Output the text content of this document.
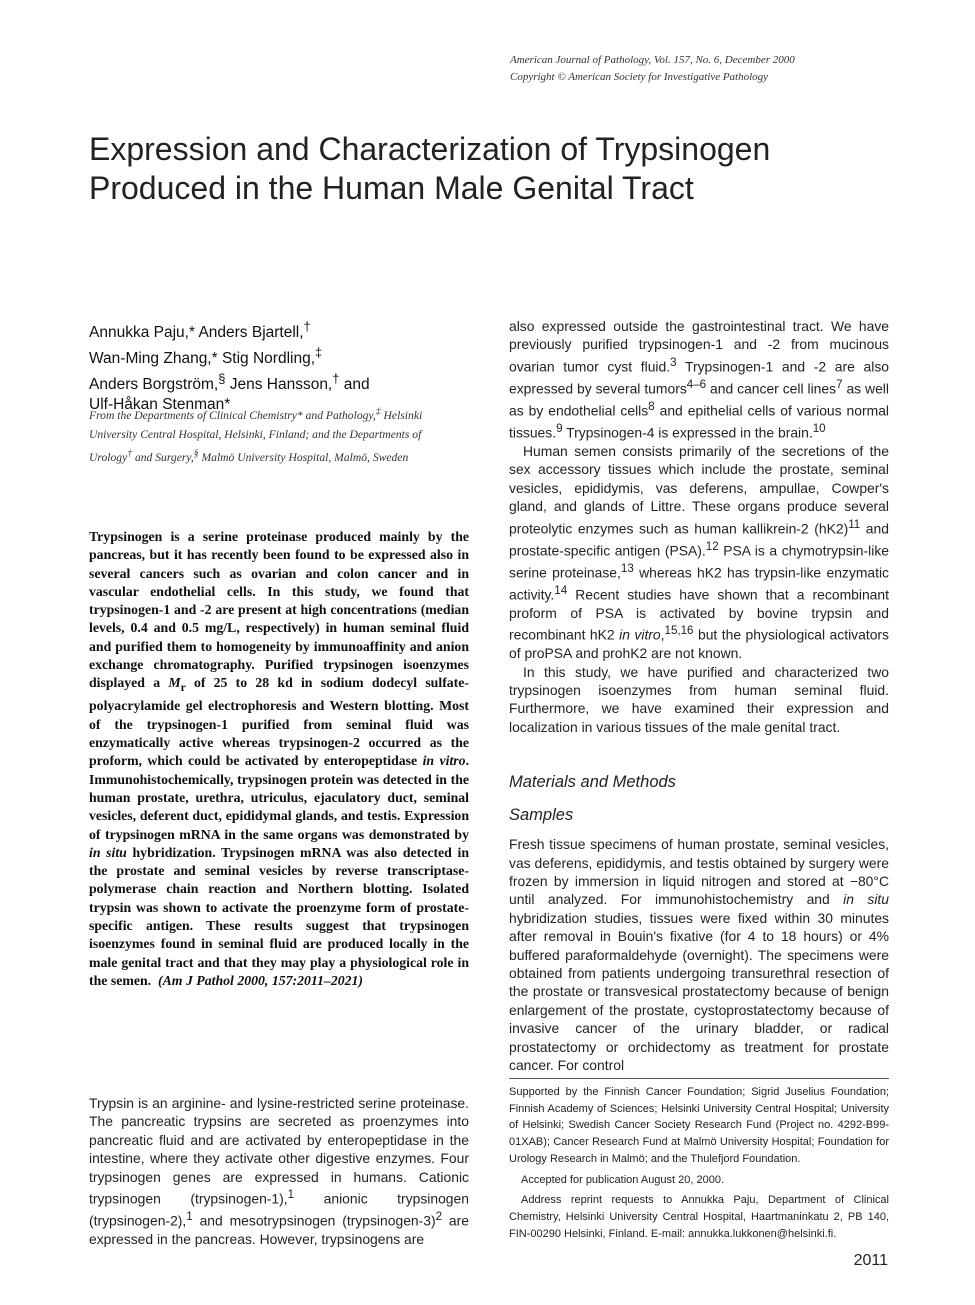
American Journal of Pathology, Vol. 157, No. 6, December 2000
Copyright © American Society for Investigative Pathology
Expression and Characterization of Trypsinogen
Produced in the Human Male Genital Tract
Annukka Paju,* Anders Bjartell,†
Wan-Ming Zhang,* Stig Nordling,‡
Anders Borgström,§ Jens Hansson,† and
Ulf-Håkan Stenman*
From the Departments of Clinical Chemistry* and Pathology,‡ Helsinki University Central Hospital, Helsinki, Finland; and the Departments of Urology† and Surgery,§ Malmö University Hospital, Malmö, Sweden
Trypsinogen is a serine proteinase produced mainly by the pancreas, but it has recently been found to be expressed also in several cancers such as ovarian and colon cancer and in vascular endothelial cells. In this study, we found that trypsinogen-1 and -2 are present at high concentrations (median levels, 0.4 and 0.5 mg/L, respectively) in human seminal fluid and purified them to homogeneity by immunoaffinity and anion exchange chromatography. Purified trypsinogen isoenzymes displayed a $M_r$ of 25 to 28 kd in sodium dodecyl sulfate-polyacrylamide gel electrophoresis and Western blotting. Most of the trypsinogen-1 purified from seminal fluid was enzymatically active whereas trypsinogen-2 occurred as the proform, which could be activated by enteropeptidase in vitro. Immunohistochemically, trypsinogen protein was detected in the human prostate, urethra, utriculus, ejaculatory duct, seminal vesicles, deferent duct, epididymal glands, and testis. Expression of trypsinogen mRNA in the same organs was demonstrated by in situ hybridization. Trypsinogen mRNA was also detected in the prostate and seminal vesicles by reverse transcriptase-polymerase chain reaction and Northern blotting. Isolated trypsin was shown to activate the proenzyme form of prostate-specific antigen. These results suggest that trypsinogen isoenzymes found in seminal fluid are produced locally in the male genital tract and that they may play a physiological role in the semen. (Am J Pathol 2000, 157:2011–2021)
Trypsin is an arginine- and lysine-restricted serine proteinase. The pancreatic trypsins are secreted as proenzymes into pancreatic fluid and are activated by enteropeptidase in the intestine, where they activate other digestive enzymes. Four trypsinogen genes are expressed in humans. Cationic trypsinogen (trypsinogen-1),$^1$ anionic trypsinogen (trypsinogen-2),$^1$ and mesotrypsinogen (trypsinogen-3)$^2$ are expressed in the pancreas. However, trypsinogens are

also expressed outside the gastrointestinal tract. We have previously purified trypsinogen-1 and -2 from mucinous ovarian tumor cyst fluid.$^3$ Trypsinogen-1 and -2 are also expressed by several tumors$^{4-6}$ and cancer cell lines$^7$ as well as by endothelial cells$^8$ and epithelial cells of various normal tissues.$^9$ Trypsinogen-4 is expressed in the brain.$^{10}$

Human semen consists primarily of the secretions of the sex accessory tissues which include the prostate, seminal vesicles, epididymis, vas deferens, ampullae, Cowper's gland, and glands of Littre. These organs produce several proteolytic enzymes such as human kallikrein-2 $(hK2)^{11}$ and prostate-specific antigen (PSA).$^{12}$ PSA is a chymotrypsin-like serine proteinase,$^{13}$ whereas hK2 has trypsin-like enzymatic activity.$^{14}$ Recent studies have shown that a recombinant proform of PSA is activated by bovine trypsin and recombinant hK2 in vitro,$^{15,16}$ but the physiological activators of proPSA and prohK2 are not known.

In this study, we have purified and characterized two trypsinogen isoenzymes from human seminal fluid. Furthermore, we have examined their expression and localization in various tissues of the male genital tract.

Materials and Methods
Samples

Fresh tissue specimens of human prostate, seminal vesicles, vas deferens, epididymis, and testis obtained by surgery were frozen by immersion in liquid nitrogen and stored at −80°C until analyzed. For immunohistochemistry and in situ hybridization studies, tissues were fixed within 30 minutes after removal in Bouin's fixative (for 4 to 18 hours) or 4% buffered paraformaldehyde (overnight). The specimens were obtained from patients undergoing transurethral resection of the prostate or transvesical prostatectomy because of benign enlargement of the prostate, cystoprostatectomy because of invasive cancer of the urinary bladder, or radical prostatectomy or orchidectomy as treatment for prostate cancer. For control

Supported by the Finnish Cancer Foundation; Sigrid Juselius Foundation; Finnish Academy of Sciences; Helsinki University Central Hospital; University of Helsinki; Swedish Cancer Society Research Fund (Project no. 4292-B99-01XAB); Cancer Research Fund at Malmö University Hospital; Foundation for Urology Research in Malmö; and the Thulefjord Foundation.

Accepted for publication August 20, 2000.

Address reprint requests to Annukka Paju, Department of Clinical Chemistry, Helsinki University Central Hospital, Haartmaninkatu 2, PB 140, FIN-00290 Helsinki, Finland. E-mail: annukka.lukkonen@helsinki.fi.

2011
